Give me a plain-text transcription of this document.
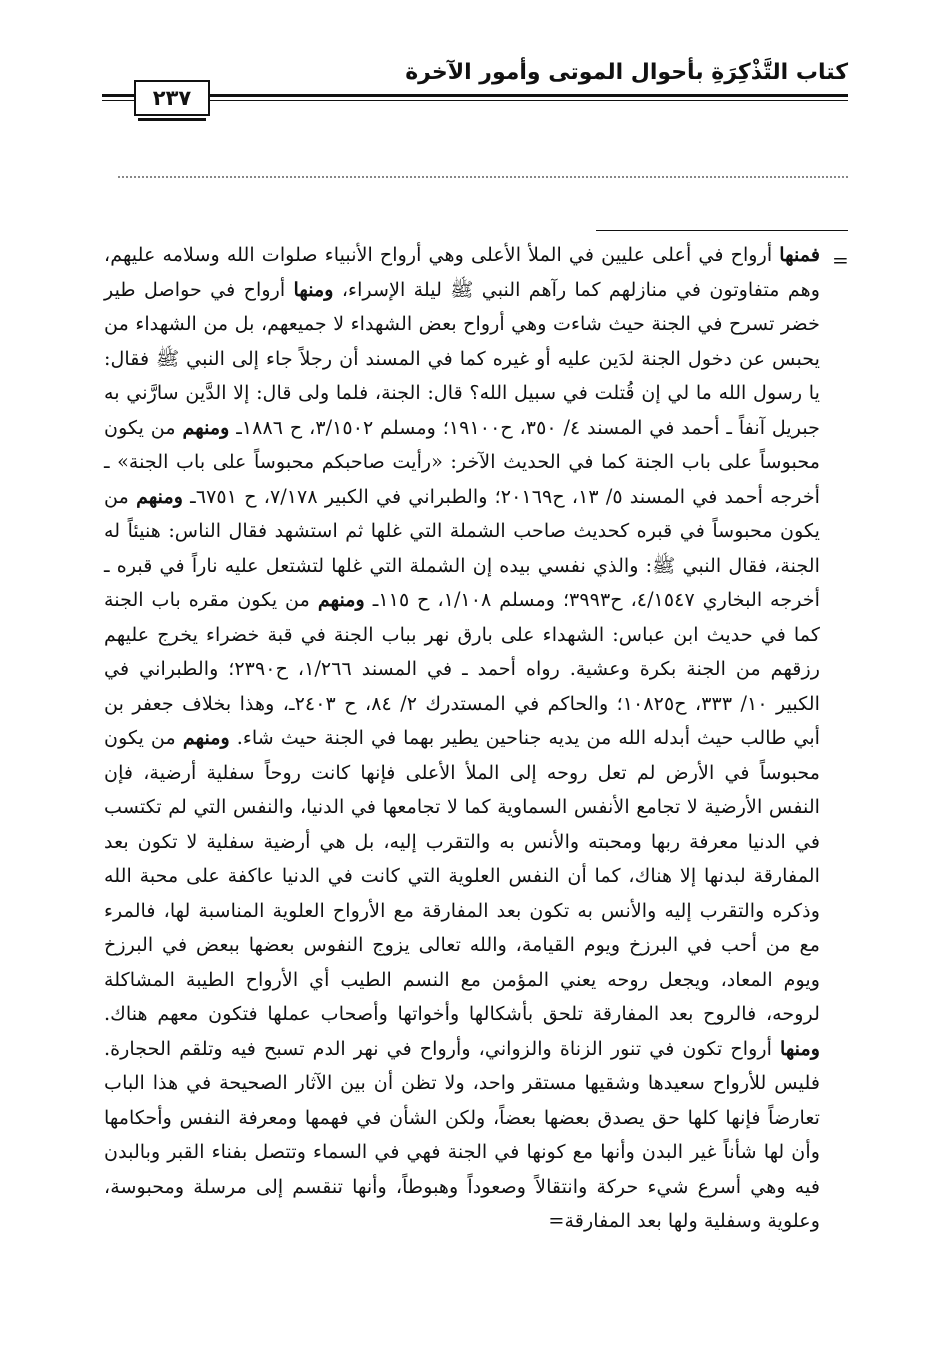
كتاب التَّذْكِرَةِ بأحوال الموتى وأمور الآخرة
٢٣٧
=

فمنها أرواح في أعلى عليين في الملأ الأعلى وهي أرواح الأنبياء صلوات الله وسلامه عليهم، وهم متفاوتون في منازلهم كما رآهم النبي ﷺ ليلة الإسراء، ومنها أرواح في حواصل طير خضر تسرح في الجنة حيث شاءت وهي أرواح بعض الشهداء لا جميعهم، بل من الشهداء من يحبس عن دخول الجنة لدَين عليه أو غيره كما في المسند أن رجلاً جاء إلى النبي ﷺ فقال: يا رسول الله ما لي إن قُتلت في سبيل الله؟ قال: الجنة، فلما ولى قال: إلا الدَّين سارَّني به جبريل آنفاً ـ أحمد في المسند ٤/ ٣٥٠، ح١٩١٠٠؛ ومسلم ٣/١٥٠٢، ح ١٨٨٦ـ ومنهم من يكون محبوساً على باب الجنة كما في الحديث الآخر: «رأيت صاحبكم محبوساً على باب الجنة» ـ أخرجه أحمد في المسند ٥/ ١٣، ح٢٠١٦٩؛ والطبراني في الكبير ٧/١٧٨، ح ٦٧٥١ـ ومنهم من يكون محبوساً في قبره كحديث صاحب الشملة التي غلها ثم استشهد فقال الناس: هنيئاً له الجنة، فقال النبي ﷺ: والذي نفسي بيده إن الشملة التي غلها لتشتعل عليه ناراً في قبره ـ أخرجه البخاري ٤/١٥٤٧، ح٣٩٩٣؛ ومسلم ١/١٠٨، ح ١١٥ـ ومنهم من يكون مقره باب الجنة كما في حديث ابن عباس: الشهداء على بارق نهر بباب الجنة في قبة خضراء يخرج عليهم رزقهم من الجنة بكرة وعشية. رواه أحمد ـ في المسند ١/٢٦٦، ح٢٣٩٠؛ والطبراني في الكبير ١٠/ ٣٣٣، ح١٠٨٢٥؛ والحاكم في المستدرك ٢/ ٨٤، ح ٢٤٠٣ـ، وهذا بخلاف جعفر بن أبي طالب حيث أبدله الله من يديه جناحين يطير بهما في الجنة حيث شاء. ومنهم من يكون محبوساً في الأرض لم تعل روحه إلى الملأ الأعلى فإنها كانت روحاً سفلية أرضية، فإن النفس الأرضية لا تجامع الأنفس السماوية كما لا تجامعها في الدنيا، والنفس التي لم تكتسب في الدنيا معرفة ربها ومحبته والأنس به والتقرب إليه، بل هي أرضية سفلية لا تكون بعد المفارقة لبدنها إلا هناك، كما أن النفس العلوية التي كانت في الدنيا عاكفة على محبة الله وذكره والتقرب إليه والأنس به تكون بعد المفارقة مع الأرواح العلوية المناسبة لها، فالمرء مع من أحب في البرزخ ويوم القيامة، والله تعالى يزوج النفوس بعضها ببعض في البرزخ ويوم المعاد، ويجعل روحه يعني المؤمن مع النسم الطيب أي الأرواح الطيبة المشاكلة لروحه، فالروح بعد المفارقة تلحق بأشكالها وأخواتها وأصحاب عملها فتكون معهم هناك. ومنها أرواح تكون في تنور الزناة والزواني، وأرواح في نهر الدم تسبح فيه وتلقم الحجارة. فليس للأرواح سعيدها وشقيها مستقر واحد، ولا تظن أن بين الآثار الصحيحة في هذا الباب تعارضاً فإنها كلها حق يصدق بعضها بعضاً، ولكن الشأن في فهمها ومعرفة النفس وأحكامها وأن لها شأناً غير البدن وأنها مع كونها في الجنة فهي في السماء وتتصل بفناء القبر وبالبدن فيه وهي أسرع شيء حركة وانتقالاً وصعوداً وهبوطاً، وأنها تنقسم إلى مرسلة ومحبوسة، وعلوية وسفلية ولها بعد المفارقة=
